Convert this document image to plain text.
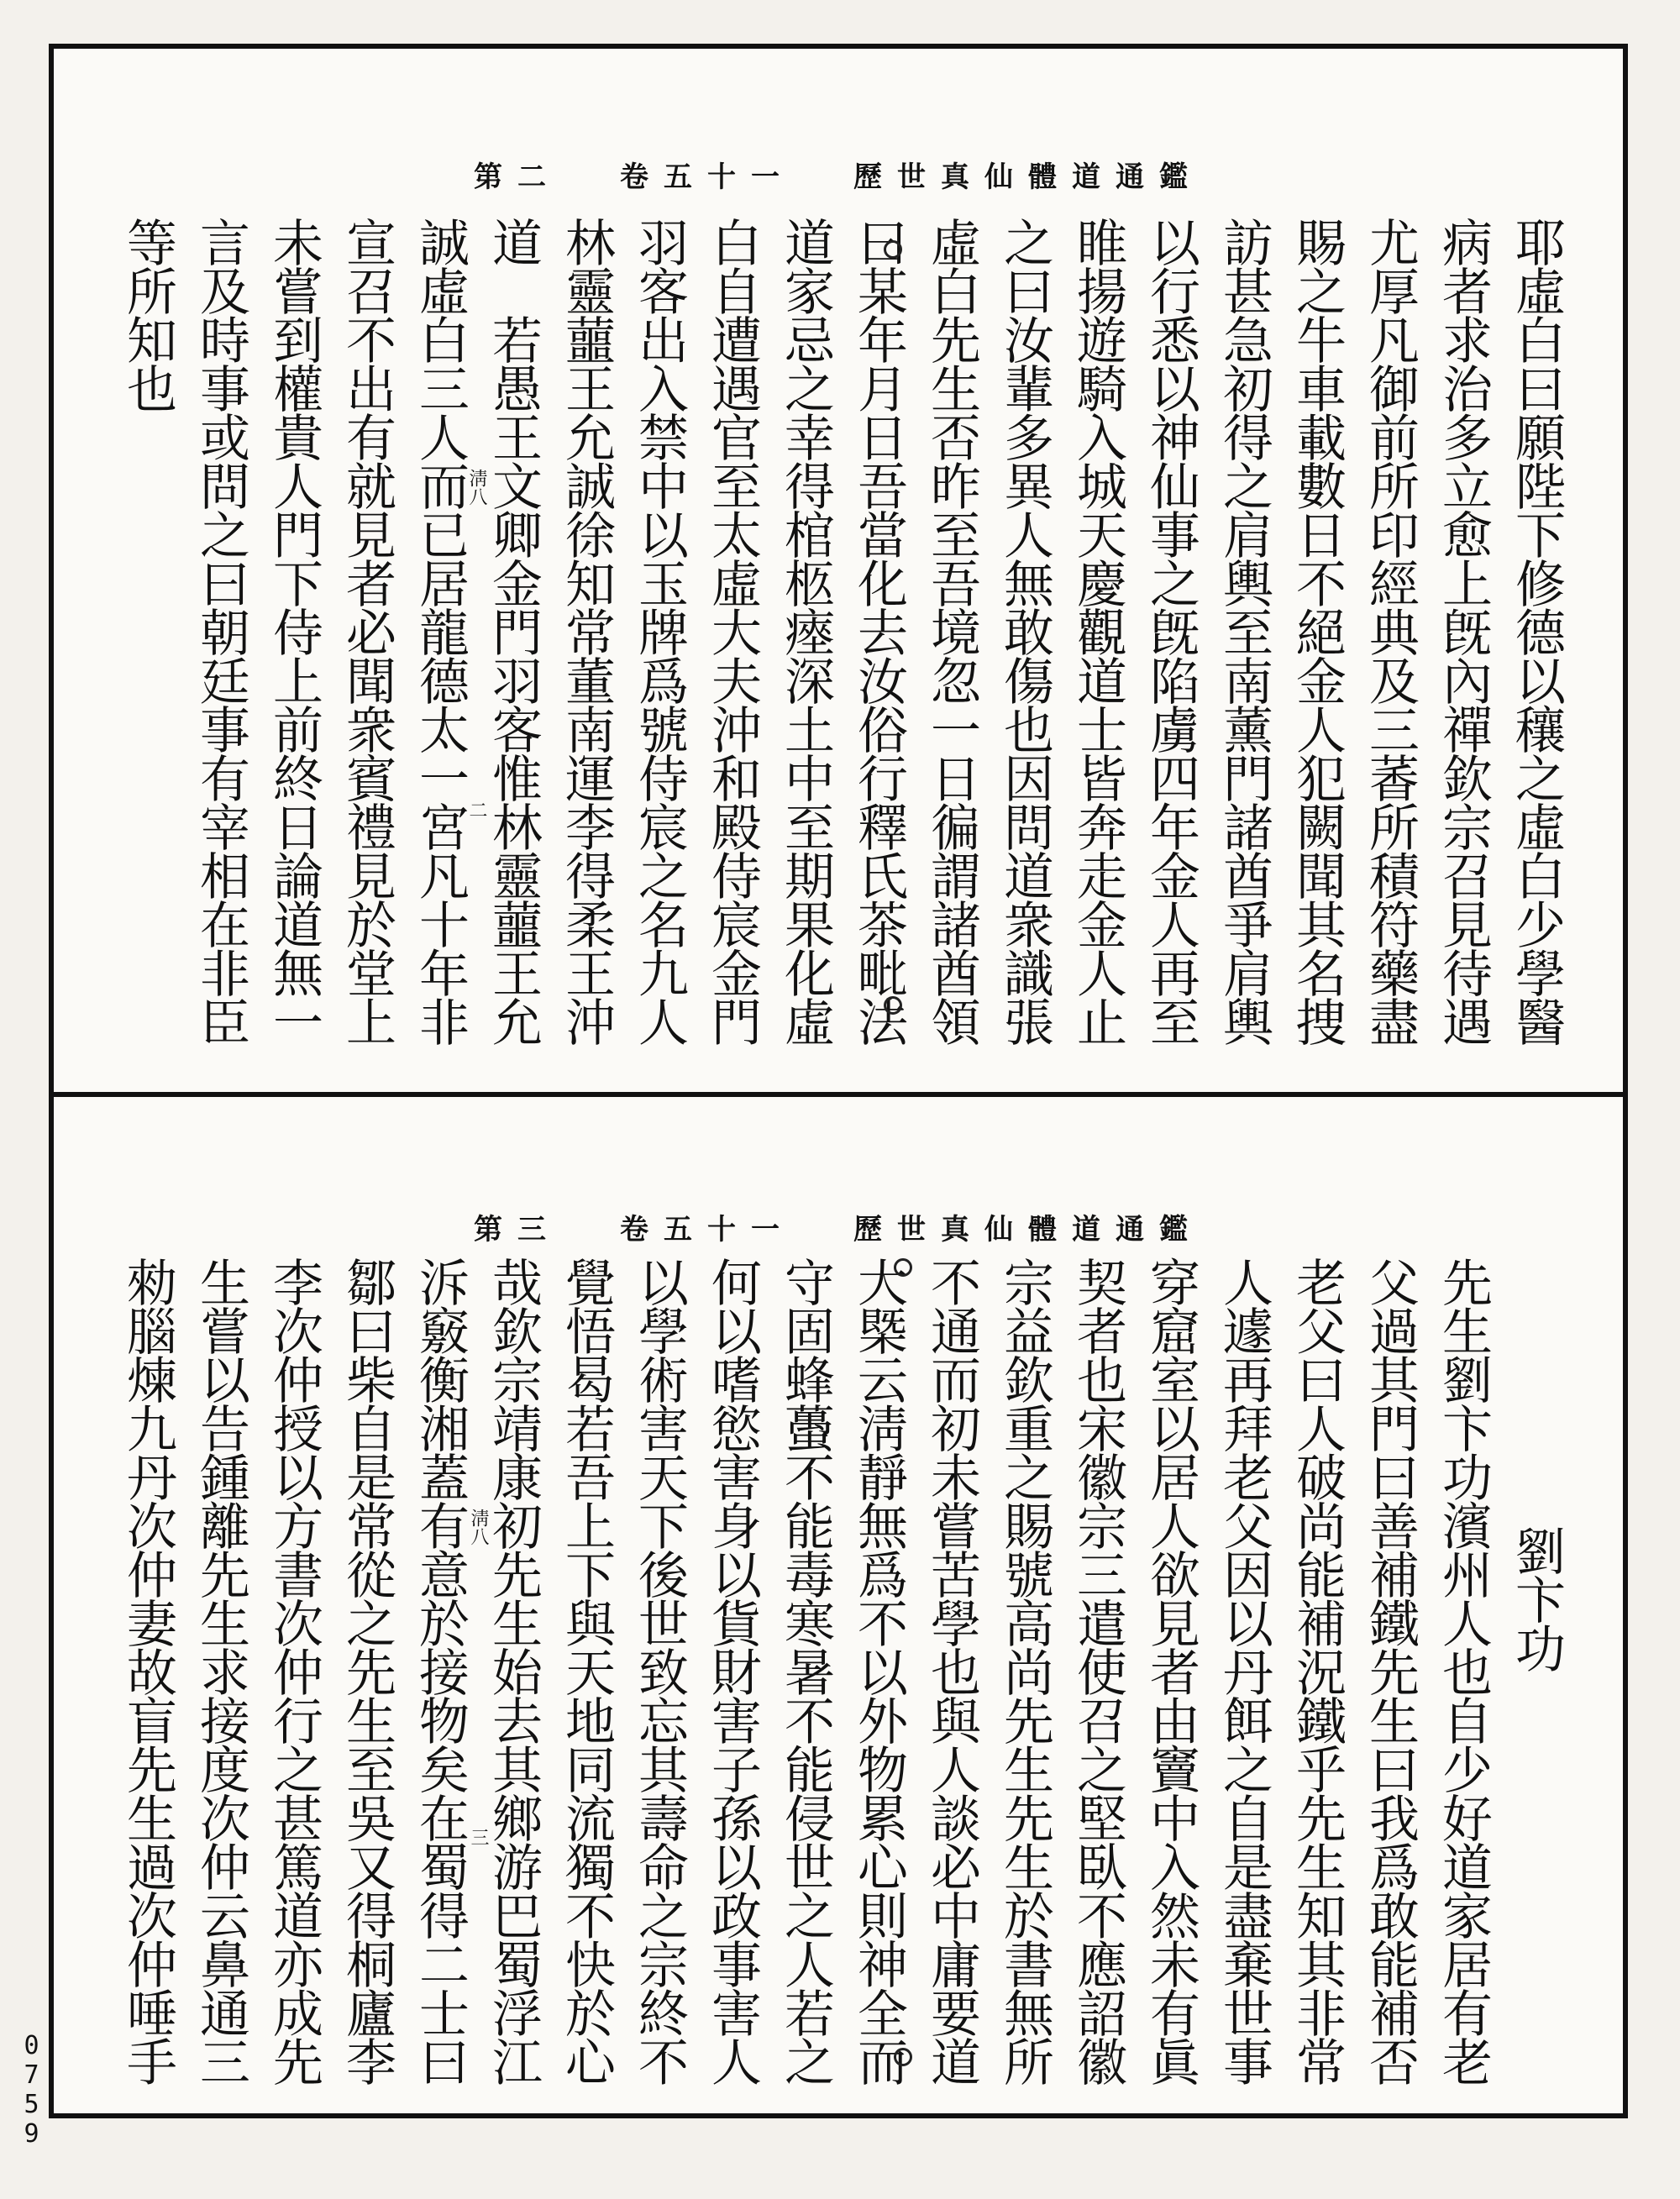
歷世真仙體道通鑑
卷五十一
第二
耶虛白曰願陛下修德以穰之虛白少學醫
病者求治多立愈上旣內禪欽宗召見待遇
尤厚凡御前所印經典及三萫所積符藥盡
賜之牛車載數日不絕金人犯闕聞其名捜
訪甚急初得之肩輿至南薰門諸酋爭肩輿
以行悉以神仙事之旣陷虜四年金人再至
睢揚遊騎入城天慶觀道士皆奔走金人止
之曰汝輩多異人無敢傷也因問道衆識張
虛白先生否昨至吾境忽一日徧謂諸酋領
曰某年月日吾當化去汝俗行釋氏茶毗法
道家忌之幸得棺柩瘞深土中至期果化虛
白自遭遇官至太虛大夫沖和殿侍宸金門
羽客出入禁中以玉牌爲號侍宸之名九人
林靈蘁王允誠徐知常董南運李得柔王沖
道　若愚王文卿金門羽客惟林靈蘁王允
誠虛白三人而已居龍德太一宮凡十年非
宣召不出有就見者必聞衆賓禮見於堂上
未嘗到權貴人門下侍上前終日論道無一
言及時事或問之曰朝廷事有宰相在非臣
等所知也
淸八
二
歷世真仙體道通鑑
卷五十一
第三
劉卞功
先生劉卞功濱州人也自少好道家居有老
父過其門曰善補鐵先生曰我爲敢能補否
老父曰人破尚能補況鐵乎先生知其非常
人遽再拜老父因以丹餌之自是盡棄世事
穿窟室以居人欲見者由竇中入然未有眞
契者也宋徽宗三遣使召之堅臥不應詔徽
宗益欽重之賜號高尚先生先生於書無所
不通而初未嘗苦學也與人談必中庸要道
大槩云淸靜無爲不以外物累心則神全而
守固蜂蠆不能毒寒暑不能侵世之人若之
何以嗜慾害身以貨財害子孫以政事害人
以學術害天下後世致忘其壽命之宗終不
覺悟曷若吾上下與天地同流獨不快於心
哉欽宗靖康初先生始去其鄉游巴蜀浮江
泝竅衡湘蓋有意於接物矣在蜀得二士曰
鄒曰柴自是常從之先生至吳又得桐廬李
李次仲授以方書次仲行之甚篤道亦成先
生嘗以告鍾離先生求接度次仲云鼻通三
勑腦煉九丹次仲妻故盲先生過次仲唾手	淸八
三
0759
